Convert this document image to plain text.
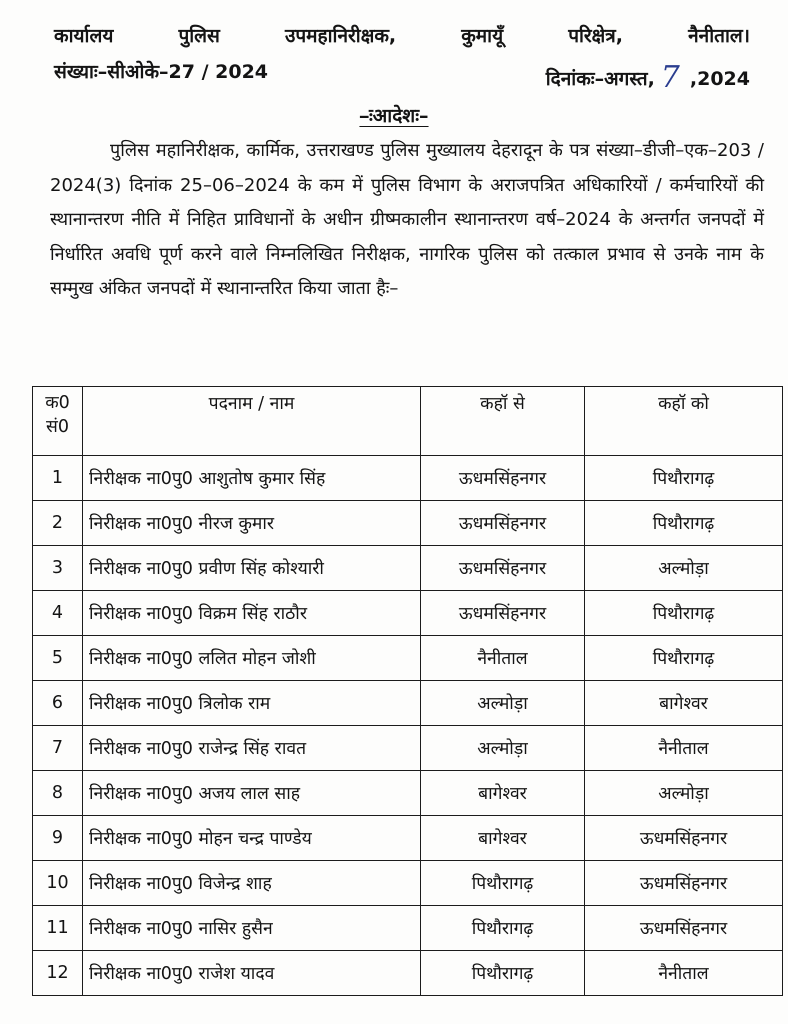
कार्यालय	पुलिस	उपमहानिरीक्षक,	कुमायूँ	परिक्षेत्र,	नैनीताल।
संख्याः–सीओके–27 / 2024	दिनांकः–अगस्त, 7 ,2024
–ःआदेशः–
पुलिस महानिरीक्षक, कार्मिक, उत्तराखण्ड पुलिस मुख्यालय देहरादून के पत्र संख्या–डीजी–एक–203 / 2024(3) दिनांक 25–06–2024 के कम में पुलिस विभाग के अराजपत्रित अधिकारियों / कर्मचारियों की स्थानान्तरण नीति में निहित प्राविधानों के अधीन ग्रीष्मकालीन स्थानान्तरण वर्ष–2024 के अन्तर्गत जनपदों में निर्धारित अवधि पूर्ण करने वाले निम्नलिखित निरीक्षक, नागरिक पुलिस को तत्काल प्रभाव से उनके नाम के सम्मुख अंकित जनपदों में स्थानान्तरित किया जाता हैः–
क0
सं0	पदनाम / नाम	कहॉ से	कहॉ को
1	निरीक्षक ना0पु0 आशुतोष कुमार सिंह	ऊधमसिंहनगर	पिथौरागढ़
2	निरीक्षक ना0पु0 नीरज कुमार	ऊधमसिंहनगर	पिथौरागढ़
3	निरीक्षक ना0पु0 प्रवीण सिंह कोश्यारी	ऊधमसिंहनगर	अल्मोड़ा
4	निरीक्षक ना0पु0 विक्रम सिंह राठौर	ऊधमसिंहनगर	पिथौरागढ़
5	निरीक्षक ना0पु0 ललित मोहन जोशी	नैनीताल	पिथौरागढ़
6	निरीक्षक ना0पु0 त्रिलोक राम	अल्मोड़ा	बागेश्वर
7	निरीक्षक ना0पु0 राजेन्द्र सिंह रावत	अल्मोड़ा	नैनीताल
8	निरीक्षक ना0पु0 अजय लाल साह	बागेश्वर	अल्मोड़ा
9	निरीक्षक ना0पु0 मोहन चन्द्र पाण्डेय	बागेश्वर	ऊधमसिंहनगर
10	निरीक्षक ना0पु0 विजेन्द्र शाह	पिथौरागढ़	ऊधमसिंहनगर
11	निरीक्षक ना0पु0 नासिर हुसैन	पिथौरागढ़	ऊधमसिंहनगर
12	निरीक्षक ना0पु0 राजेश यादव	पिथौरागढ़	नैनीताल
